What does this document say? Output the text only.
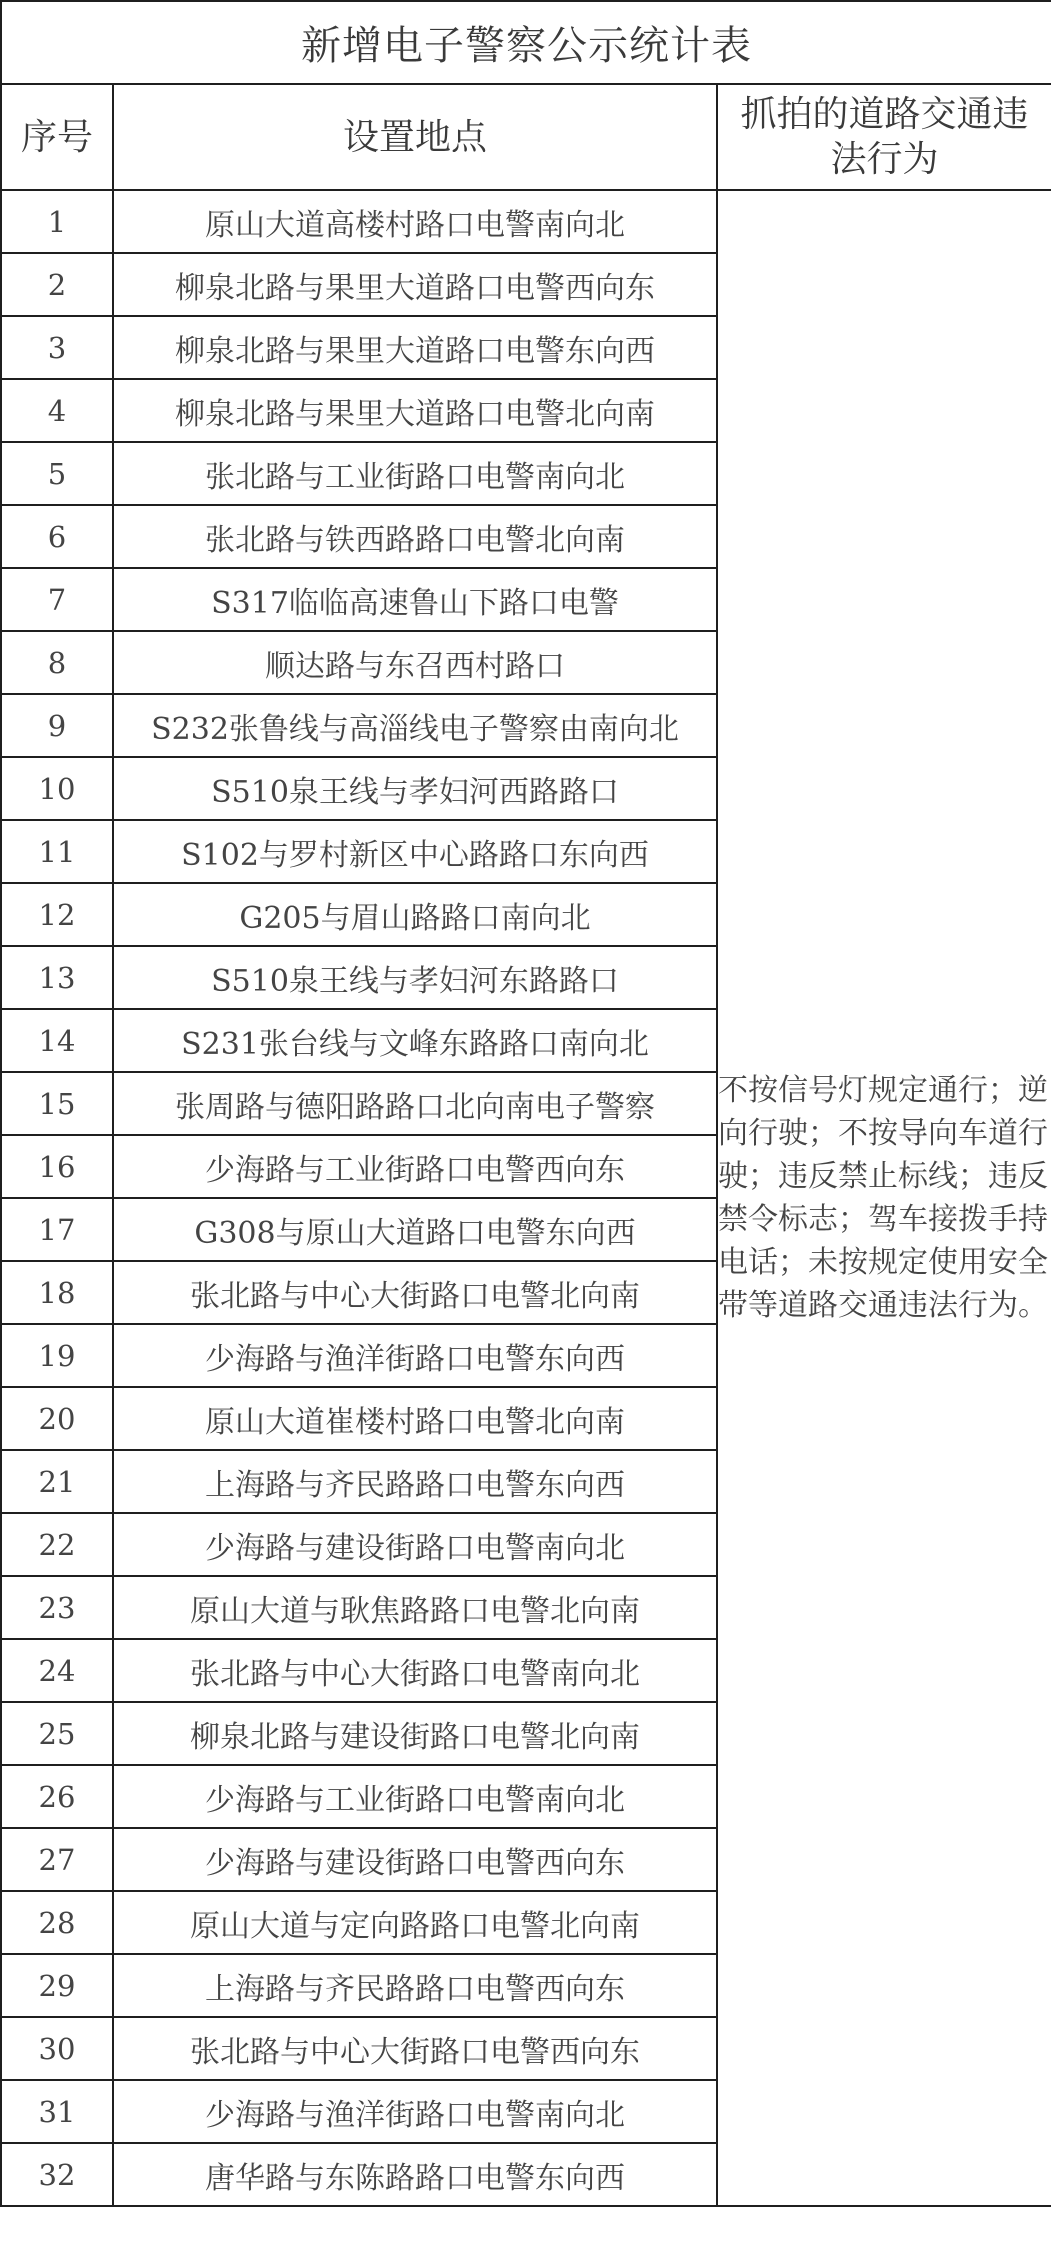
新增电子警察公示统计表		
序号	设置地点	抓拍的道路交通违法行为
1	原山大道高楼村路口电警南向北	不按信号灯规定通行；逆向行驶；不按导向车道行驶；违反禁止标线；违反禁令标志；驾车接拨手持电话；未按规定使用安全带等道路交通违法行为。
2	柳泉北路与果里大道路口电警西向东	
3	柳泉北路与果里大道路口电警东向西	
4	柳泉北路与果里大道路口电警北向南	
5	张北路与工业街路口电警南向北	
6	张北路与铁西路路口电警北向南	
7	S317临临高速鲁山下路口电警	
8	顺达路与东召西村路口	
9	S232张鲁线与高淄线电子警察由南向北	
10	S510泉王线与孝妇河西路路口	
11	S102与罗村新区中心路路口东向西	
12	G205与眉山路路口南向北	
13	S510泉王线与孝妇河东路路口	
14	S231张台线与文峰东路路口南向北	
15	张周路与德阳路路口北向南电子警察	
16	少海路与工业街路口电警西向东	
17	G308与原山大道路口电警东向西	
18	张北路与中心大街路口电警北向南	
19	少海路与渔洋街路口电警东向西	
20	原山大道崔楼村路口电警北向南	
21	上海路与齐民路路口电警东向西	
22	少海路与建设街路口电警南向北	
23	原山大道与耿焦路路口电警北向南	
24	张北路与中心大街路口电警南向北	
25	柳泉北路与建设街路口电警北向南	
26	少海路与工业街路口电警南向北	
27	少海路与建设街路口电警西向东	
28	原山大道与定向路路口电警北向南	
29	上海路与齐民路路口电警西向东	
30	张北路与中心大街路口电警西向东	
31	少海路与渔洋街路口电警南向北	
32	唐华路与东陈路路口电警东向西	
